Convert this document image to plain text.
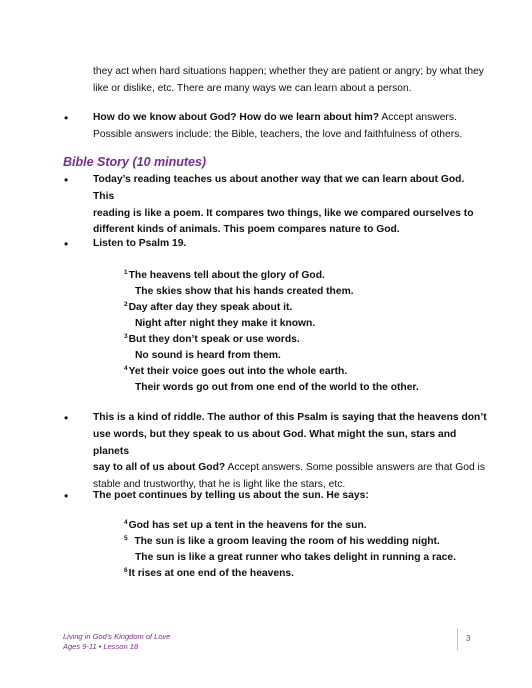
they act when hard situations happen; whether they are patient or angry; by what they
like or dislike, etc. There are many ways we can learn about a person.
• How do we know about God? How do we learn about him? Accept answers.
Possible answers include: the Bible, teachers, the love and faithfulness of others.
Bible Story (10 minutes)
• Today’s reading teaches us about another way that we can learn about God. This
reading is like a poem. It compares two things, like we compared ourselves to
different kinds of animals. This poem compares nature to God.
• Listen to Psalm 19.
$^1$The heavens tell about the glory of God.
The skies show that his hands created them.
$^2$Day after day they speak about it.
Night after night they make it known.
$^3$But they don’t speak or use words.
No sound is heard from them.
$^4$Yet their voice goes out into the whole earth.
Their words go out from one end of the world to the other.
• This is a kind of riddle. The author of this Psalm is saying that the heavens don’t
use words, but they speak to us about God. What might the sun, stars and planets
say to all of us about God? Accept answers. Some possible answers are that God is
stable and trustworthy, that he is light like the stars, etc.
• The poet continues by telling us about the sun. He says:
$^4$God has set up a tent in the heavens for the sun.
$^5$  The sun is like a groom leaving the room of his wedding night.
The sun is like a great runner who takes delight in running a race.
$^6$It rises at one end of the heavens.
Living in God’s Kingdom of Love
Ages 9-11 • Lesson 18
3
